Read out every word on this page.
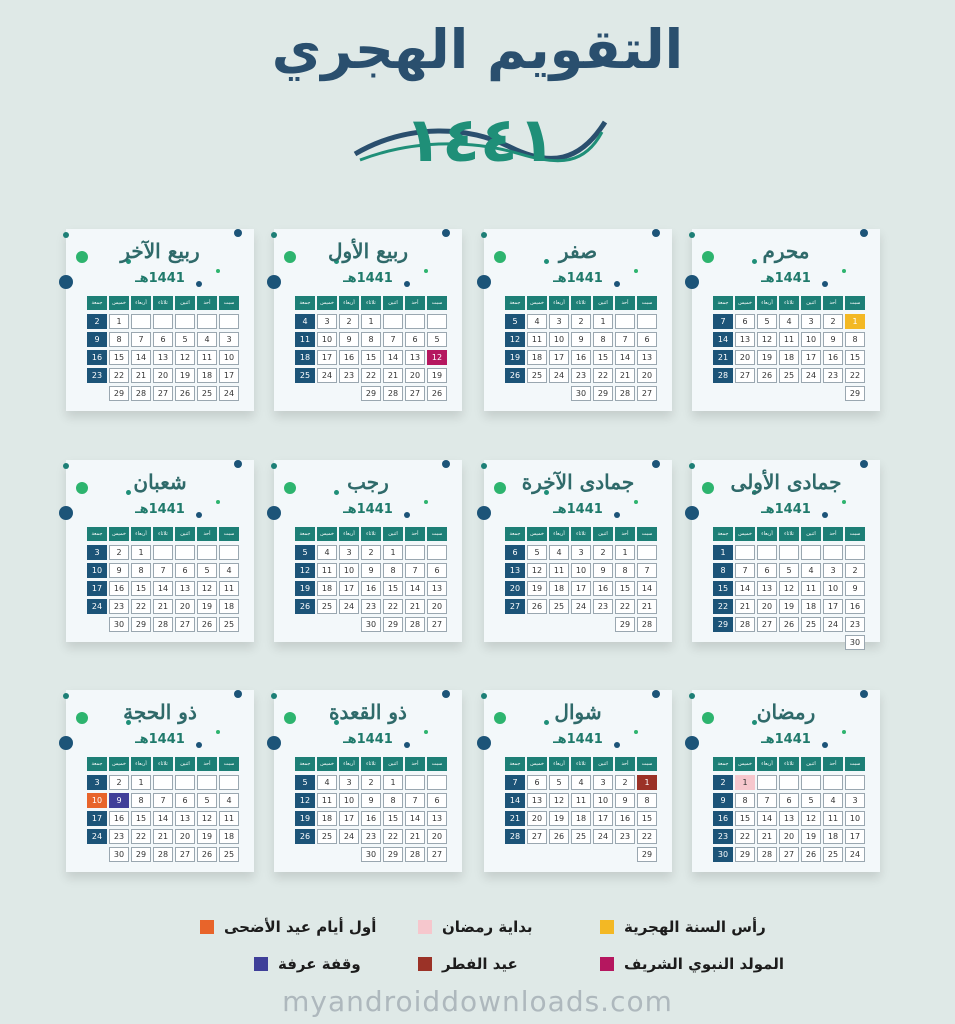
التقويم الهجري
١٤٤١
محرم
1441هـ
سبت
أحد
اثنين
ثلاثاء
أربعاء
خميس
جمعة
1
2
3
4
5
6
7
8
9
10
11
12
13
14
15
16
17
18
19
20
21
22
23
24
25
26
27
28
29
صفر
1441هـ
سبت
أحد
اثنين
ثلاثاء
أربعاء
خميس
جمعة
1
2
3
4
5
6
7
8
9
10
11
12
13
14
15
16
17
18
19
20
21
22
23
24
25
26
27
28
29
30
ربيع الأول
1441هـ
سبت
أحد
اثنين
ثلاثاء
أربعاء
خميس
جمعة
1
2
3
4
5
6
7
8
9
10
11
12
13
14
15
16
17
18
19
20
21
22
23
24
25
26
27
28
29
ربيع الآخر
1441هـ
سبت
أحد
اثنين
ثلاثاء
أربعاء
خميس
جمعة
1
2
3
4
5
6
7
8
9
10
11
12
13
14
15
16
17
18
19
20
21
22
23
24
25
26
27
28
29
جمادى الأولى
1441هـ
سبت
أحد
اثنين
ثلاثاء
أربعاء
خميس
جمعة
1
2
3
4
5
6
7
8
9
10
11
12
13
14
15
16
17
18
19
20
21
22
23
24
25
26
27
28
29
30
جمادى الآخرة
1441هـ
سبت
أحد
اثنين
ثلاثاء
أربعاء
خميس
جمعة
1
2
3
4
5
6
7
8
9
10
11
12
13
14
15
16
17
18
19
20
21
22
23
24
25
26
27
28
29
رجب
1441هـ
سبت
أحد
اثنين
ثلاثاء
أربعاء
خميس
جمعة
1
2
3
4
5
6
7
8
9
10
11
12
13
14
15
16
17
18
19
20
21
22
23
24
25
26
27
28
29
30
شعبان
1441هـ
سبت
أحد
اثنين
ثلاثاء
أربعاء
خميس
جمعة
1
2
3
4
5
6
7
8
9
10
11
12
13
14
15
16
17
18
19
20
21
22
23
24
25
26
27
28
29
30
رمضان
1441هـ
سبت
أحد
اثنين
ثلاثاء
أربعاء
خميس
جمعة
1
2
3
4
5
6
7
8
9
10
11
12
13
14
15
16
17
18
19
20
21
22
23
24
25
26
27
28
29
30
شوال
1441هـ
سبت
أحد
اثنين
ثلاثاء
أربعاء
خميس
جمعة
1
2
3
4
5
6
7
8
9
10
11
12
13
14
15
16
17
18
19
20
21
22
23
24
25
26
27
28
29
ذو القعدة
1441هـ
سبت
أحد
اثنين
ثلاثاء
أربعاء
خميس
جمعة
1
2
3
4
5
6
7
8
9
10
11
12
13
14
15
16
17
18
19
20
21
22
23
24
25
26
27
28
29
30
ذو الحجة
1441هـ
سبت
أحد
اثنين
ثلاثاء
أربعاء
خميس
جمعة
1
2
3
4
5
6
7
8
9
10
11
12
13
14
15
16
17
18
19
20
21
22
23
24
25
26
27
28
29
30
رأس السنة الهجرية
بداية رمضان
أول أيام عيد الأضحى
المولد النبوي الشريف
عيد الفطر
وقفة عرفة
myandroiddownloads.com
